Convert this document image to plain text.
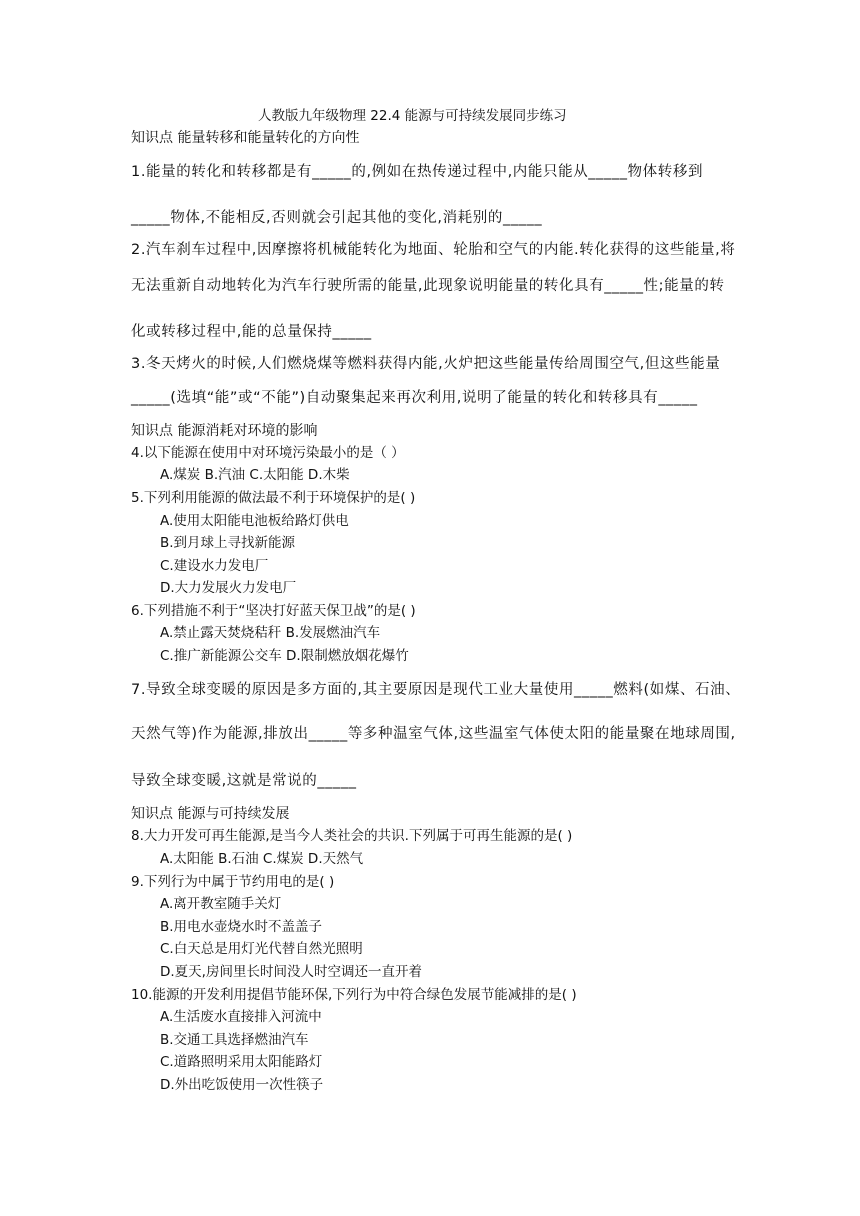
人教版九年级物理 22.4 能源与可持续发展同步练习
知识点 能量转移和能量转化的方向性
1.能量的转化和转移都是有_____的,例如在热传递过程中,内能只能从_____物体转移到
_____物体,不能相反,否则就会引起其他的变化,消耗别的_____
2.汽车刹车过程中,因摩擦将机械能转化为地面、轮胎和空气的内能.转化获得的这些能量,将
无法重新自动地转化为汽车行驶所需的能量,此现象说明能量的转化具有_____性;能量的转
化或转移过程中,能的总量保持_____
3.冬天烤火的时候,人们燃烧煤等燃料获得内能,火炉把这些能量传给周围空气,但这些能量
_____(选填“能”或“不能”)自动聚集起来再次利用,说明了能量的转化和转移具有_____
知识点 能源消耗对环境的影响
4.以下能源在使用中对环境污染最小的是（ ）
A.煤炭 B.汽油 C.太阳能 D.木柴
5.下列利用能源的做法最不利于环境保护的是( )
A.使用太阳能电池板给路灯供电
B.到月球上寻找新能源
C.建设水力发电厂
D.大力发展火力发电厂
6.下列措施不利于“坚决打好蓝天保卫战”的是( )
A.禁止露天焚烧秸秆 B.发展燃油汽车
C.推广新能源公交车 D.限制燃放烟花爆竹
7.导致全球变暖的原因是多方面的,其主要原因是现代工业大量使用_____燃料(如煤、石油、
天然气等)作为能源,排放出_____等多种温室气体,这些温室气体使太阳的能量聚在地球周围,
导致全球变暖,这就是常说的_____
知识点 能源与可持续发展
8.大力开发可再生能源,是当今人类社会的共识.下列属于可再生能源的是( )
A.太阳能 B.石油 C.煤炭 D.天然气
9.下列行为中属于节约用电的是( )
A.离开教室随手关灯
B.用电水壶烧水时不盖盖子
C.白天总是用灯光代替自然光照明
D.夏天,房间里长时间没人时空调还一直开着
10.能源的开发利用提倡节能环保,下列行为中符合绿色发展节能减排的是( )
A.生活废水直接排入河流中
B.交通工具选择燃油汽车
C.道路照明采用太阳能路灯
D.外出吃饭使用一次性筷子
